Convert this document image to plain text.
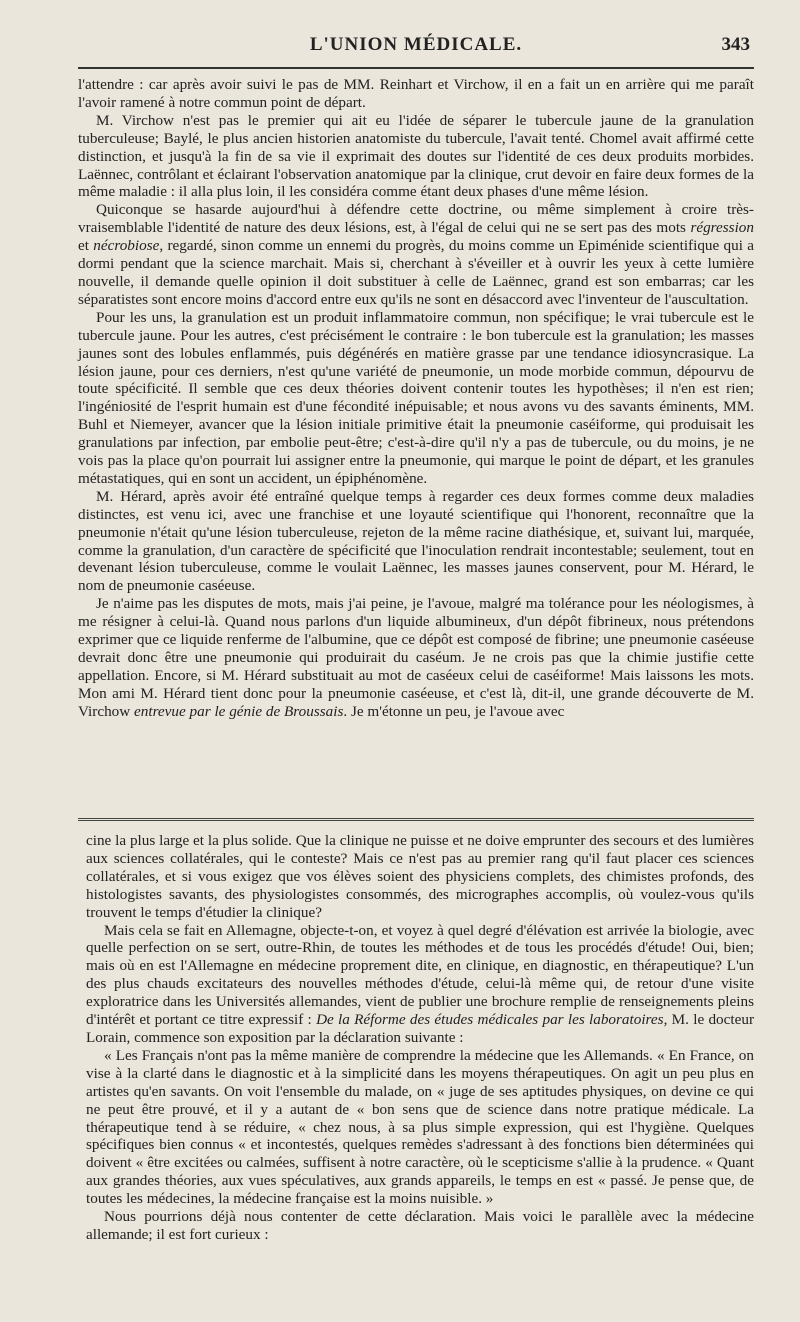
L'UNION MÉDICALE.	343

l'attendre : car après avoir suivi le pas de MM. Reinhart et Virchow, il en a fait un en arrière qui me paraît l'avoir ramené à notre commun point de départ.

M. Virchow n'est pas le premier qui ait eu l'idée de séparer le tubercule jaune de la granulation tuberculeuse; Baylé, le plus ancien historien anatomiste du tubercule, l'avait tenté. Chomel avait affirmé cette distinction, et jusqu'à la fin de sa vie il exprimait des doutes sur l'identité de ces deux produits morbides. Laënnec, contrôlant et éclairant l'observation anatomique par la clinique, crut devoir en faire deux formes de la même maladie : il alla plus loin, il les considéra comme étant deux phases d'une même lésion.

Quiconque se hasarde aujourd'hui à défendre cette doctrine, ou même simplement à croire très-vraisemblable l'identité de nature des deux lésions, est, à l'égal de celui qui ne se sert pas des mots régression et nécrobiose, regardé, sinon comme un ennemi du progrès, du moins comme un Epiménide scientifique qui a dormi pendant que la science marchait. Mais si, cherchant à s'éveiller et à ouvrir les yeux à cette lumière nouvelle, il demande quelle opinion il doit substituer à celle de Laënnec, grand est son embarras; car les séparatistes sont encore moins d'accord entre eux qu'ils ne sont en désaccord avec l'inventeur de l'auscultation.

Pour les uns, la granulation est un produit inflammatoire commun, non spécifique; le vrai tubercule est le tubercule jaune. Pour les autres, c'est précisément le contraire : le bon tubercule est la granulation; les masses jaunes sont des lobules enflammés, puis dégénérés en matière grasse par une tendance idiosyncrasique. La lésion jaune, pour ces derniers, n'est qu'une variété de pneumonie, un mode morbide commun, dépourvu de toute spécificité. Il semble que ces deux théories doivent contenir toutes les hypothèses; il n'en est rien; l'ingéniosité de l'esprit humain est d'une fécondité inépuisable; et nous avons vu des savants éminents, MM. Buhl et Niemeyer, avancer que la lésion initiale primitive était la pneumonie caséiforme, qui produisait les granulations par infection, par embolie peut-être; c'est-à-dire qu'il n'y a pas de tubercule, ou du moins, je ne vois pas la place qu'on pourrait lui assigner entre la pneumonie, qui marque le point de départ, et les granules métastatiques, qui en sont un accident, un épiphénomène.

M. Hérard, après avoir été entraîné quelque temps à regarder ces deux formes comme deux maladies distinctes, est venu ici, avec une franchise et une loyauté scientifique qui l'honorent, reconnaître que la pneumonie n'était qu'une lésion tuberculeuse, rejeton de la même racine diathésique, et, suivant lui, marquée, comme la granulation, d'un caractère de spécificité que l'inoculation rendrait incontestable; seulement, tout en devenant lésion tuberculeuse, comme le voulait Laënnec, les masses jaunes conservent, pour M. Hérard, le nom de pneumonie caséeuse.

Je n'aime pas les disputes de mots, mais j'ai peine, je l'avoue, malgré ma tolérance pour les néologismes, à me résigner à celui-là. Quand nous parlons d'un liquide albumineux, d'un dépôt fibrineux, nous prétendons exprimer que ce liquide renferme de l'albumine, que ce dépôt est composé de fibrine; une pneumonie caséeuse devrait donc être une pneumonie qui produirait du caséum. Je ne crois pas que la chimie justifie cette appellation. Encore, si M. Hérard substituait au mot de caséeux celui de caséiforme! Mais laissons les mots. Mon ami M. Hérard tient donc pour la pneumonie caséeuse, et c'est là, dit-il, une grande découverte de M. Virchow entrevue par le génie de Broussais. Je m'étonne un peu, je l'avoue avec

cine la plus large et la plus solide. Que la clinique ne puisse et ne doive emprunter des secours et des lumières aux sciences collatérales, qui le conteste? Mais ce n'est pas au premier rang qu'il faut placer ces sciences collatérales, et si vous exigez que vos élèves soient des physiciens complets, des chimistes profonds, des histologistes savants, des physiologistes consommés, des micrographes accomplis, où voulez-vous qu'ils trouvent le temps d'étudier la clinique?

Mais cela se fait en Allemagne, objecte-t-on, et voyez à quel degré d'élévation est arrivée la biologie, avec quelle perfection on se sert, outre-Rhin, de toutes les méthodes et de tous les procédés d'étude! Oui, bien; mais où en est l'Allemagne en médecine proprement dite, en clinique, en diagnostic, en thérapeutique? L'un des plus chauds excitateurs des nouvelles méthodes d'étude, celui-là même qui, de retour d'une visite exploratrice dans les Universités allemandes, vient de publier une brochure remplie de renseignements pleins d'intérêt et portant ce titre expressif : De la Réforme des études médicales par les laboratoires, M. le docteur Lorain, commence son exposition par la déclaration suivante :

« Les Français n'ont pas la même manière de comprendre la médecine que les Allemands. « En France, on vise à la clarté dans le diagnostic et à la simplicité dans les moyens thérapeutiques. On agit un peu plus en artistes qu'en savants. On voit l'ensemble du malade, on « juge de ses aptitudes physiques, on devine ce qui ne peut être prouvé, et il y a autant de « bon sens que de science dans notre pratique médicale. La thérapeutique tend à se réduire, « chez nous, à sa plus simple expression, qui est l'hygiène. Quelques spécifiques bien connus « et incontestés, quelques remèdes s'adressant à des fonctions bien déterminées qui doivent « être excitées ou calmées, suffisent à notre caractère, où le scepticisme s'allie à la prudence. « Quant aux grandes théories, aux vues spéculatives, aux grands appareils, le temps en est « passé. Je pense que, de toutes les médecines, la médecine française est la moins nuisible. »

Nous pourrions déjà nous contenter de cette déclaration. Mais voici le parallèle avec la médecine allemande; il est fort curieux :
